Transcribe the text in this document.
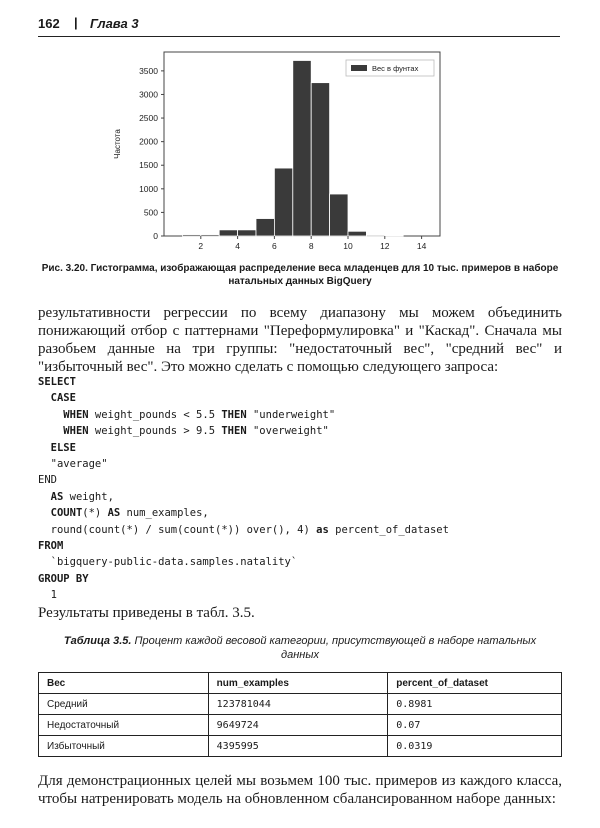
162 | Глава 3
0
500
1000
1500
2000
2500
3000
3500
2	4	6	8	10	12	14
Частота
Вес в фунтах
Рис. 3.20. Гистограмма, изображающая распределение веса младенцев для 10 тыс. примеров в наборе натальных данных BigQuery
результативности регрессии по всему диапазону мы можем объединить понижающий отбор с паттернами "Переформулировка" и "Каскад". Сначала мы разобьем данные на три группы: "недостаточный вес", "средний вес" и "избыточный вес". Это можно сделать с помощью следующего запроса:
SELECT
CASE
WHEN weight_pounds < 5.5 THEN "underweight"
WHEN weight_pounds > 9.5 THEN "overweight"
ELSE
"average"
END
AS weight,
COUNT(*) AS num_examples,
round(count(*) / sum(count(*)) over(), 4) as percent_of_dataset
FROM
`bigquery-public-data.samples.natality`
GROUP BY
1
Результаты приведены в табл. 3.5.
Таблица 3.5. Процент каждой весовой категории, присутствующей в наборе натальных данных
Вес	num_examples	percent_of_dataset
Средний	123781044	0.8981
Недостаточный	9649724	0.07
Избыточный	4395995	0.0319
Для демонстрационных целей мы возьмем 100 тыс. примеров из каждого класса, чтобы натренировать модель на обновленном сбалансированном наборе данных:
